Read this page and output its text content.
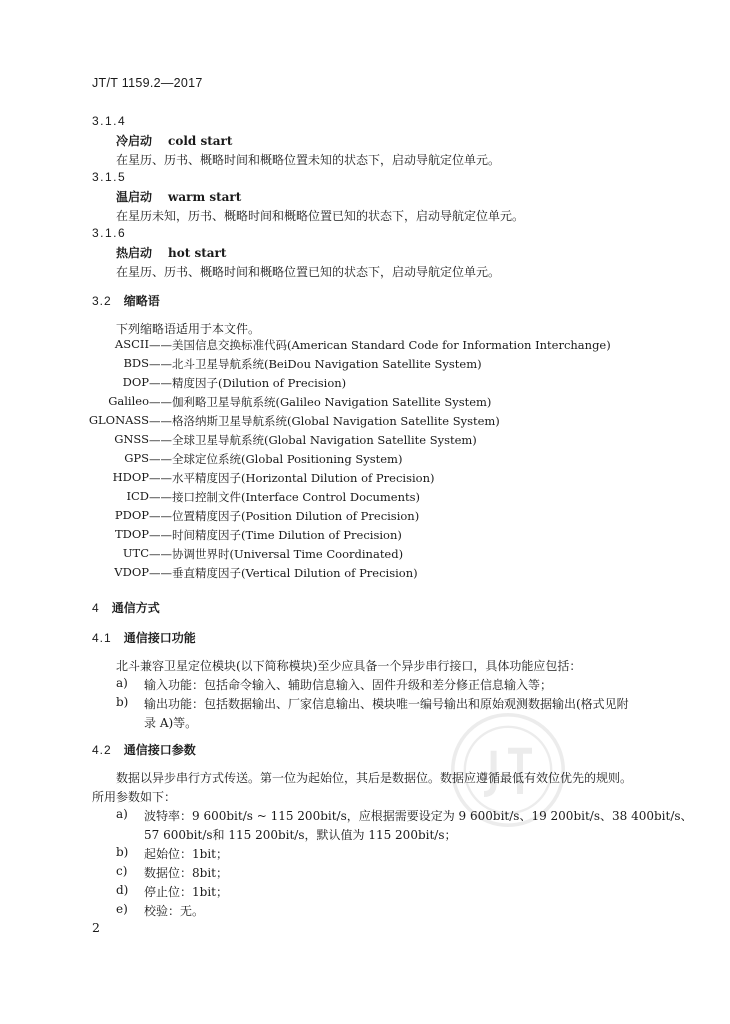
JT/T 1159.2—2017
3.1.4
冷启动 cold start
在星历、历书、概略时间和概略位置未知的状态下，启动导航定位单元。
3.1.5
温启动 warm start
在星历未知，历书、概略时间和概略位置已知的状态下，启动导航定位单元。
3.1.6
热启动 hot start
在星历、历书、概略时间和概略位置已知的状态下，启动导航定位单元。
3.2 缩略语
下列缩略语适用于本文件。
ASCII ——美国信息交换标准代码(American Standard Code for Information Interchange)
BDS ——北斗卫星导航系统(BeiDou Navigation Satellite System)
DOP ——精度因子(Dilution of Precision)
Galileo ——伽利略卫星导航系统(Galileo Navigation Satellite System)
GLONASS ——格洛纳斯卫星导航系统(Global Navigation Satellite System)
GNSS ——全球卫星导航系统(Global Navigation Satellite System)
GPS ——全球定位系统(Global Positioning System)
HDOP ——水平精度因子(Horizontal Dilution of Precision)
ICD ——接口控制文件(Interface Control Documents)
PDOP ——位置精度因子(Position Dilution of Precision)
TDOP ——时间精度因子(Time Dilution of Precision)
UTC ——协调世界时(Universal Time Coordinated)
VDOP ——垂直精度因子(Vertical Dilution of Precision)
4 通信方式
4.1 通信接口功能
北斗兼容卫星定位模块(以下简称模块)至少应具备一个异步串行接口，具体功能应包括：
a) 输入功能：包括命令输入、辅助信息输入、固件升级和差分修正信息输入等；
b) 输出功能：包括数据输出、厂家信息输出、模块唯一编号输出和原始观测数据输出(格式见附
录 A)等。
4.2 通信接口参数
数据以异步串行方式传送。第一位为起始位，其后是数据位。数据应遵循最低有效位优先的规则。
所用参数如下：
a) 波特率：9 600bit/s ~ 115 200bit/s，应根据需要设定为 9 600bit/s、19 200bit/s、38 400bit/s、
57 600bit/s和 115 200bit/s，默认值为 115 200bit/s；
b) 起始位：1bit；
c) 数据位：8bit；
d) 停止位：1bit；
e) 校验：无。
2
